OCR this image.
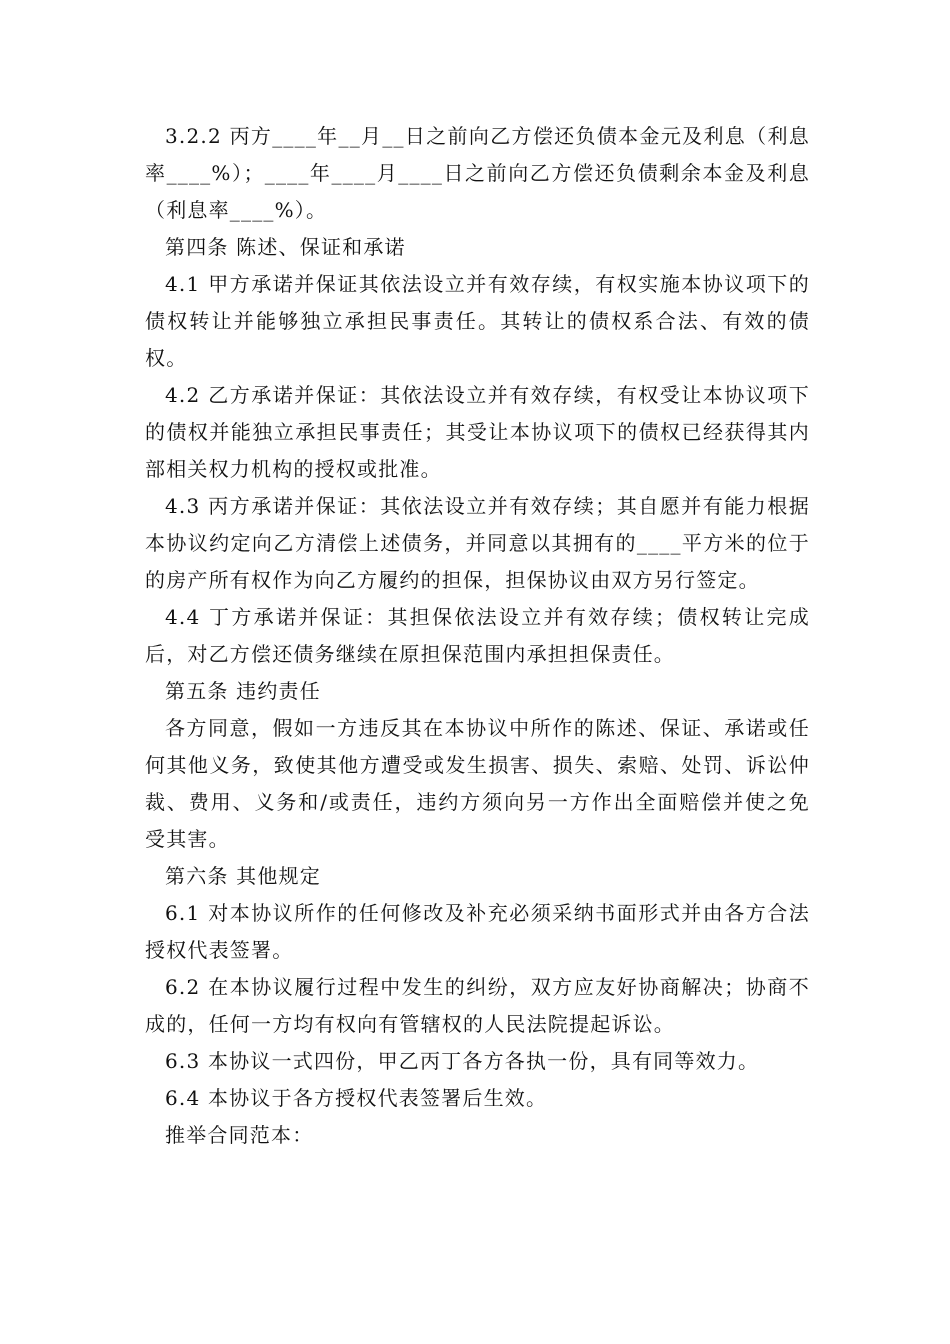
3.2.2 丙方____年__月__日之前向乙方偿还负债本金元及利息（利息率____%）；____年____月____日之前向乙方偿还负债剩余本金及利息（利息率____%）。

第四条 陈述、保证和承诺

4.1 甲方承诺并保证其依法设立并有效存续，有权实施本协议项下的债权转让并能够独立承担民事责任。其转让的债权系合法、有效的债权。

4.2 乙方承诺并保证：其依法设立并有效存续，有权受让本协议项下的债权并能独立承担民事责任；其受让本协议项下的债权已经获得其内部相关权力机构的授权或批准。

4.3 丙方承诺并保证：其依法设立并有效存续；其自愿并有能力根据本协议约定向乙方清偿上述债务，并同意以其拥有的____平方米的位于的房产所有权作为向乙方履约的担保，担保协议由双方另行签定。

4.4 丁方承诺并保证：其担保依法设立并有效存续；债权转让完成后，对乙方偿还债务继续在原担保范围内承担担保责任。

第五条 违约责任

各方同意，假如一方违反其在本协议中所作的陈述、保证、承诺或任何其他义务，致使其他方遭受或发生损害、损失、索赔、处罚、诉讼仲裁、费用、义务和/或责任，违约方须向另一方作出全面赔偿并使之免受其害。

第六条 其他规定

6.1 对本协议所作的任何修改及补充必须采纳书面形式并由各方合法授权代表签署。

6.2 在本协议履行过程中发生的纠纷，双方应友好协商解决；协商不成的，任何一方均有权向有管辖权的人民法院提起诉讼。

6.3 本协议一式四份，甲乙丙丁各方各执一份，具有同等效力。

6.4 本协议于各方授权代表签署后生效。

推举合同范本：
